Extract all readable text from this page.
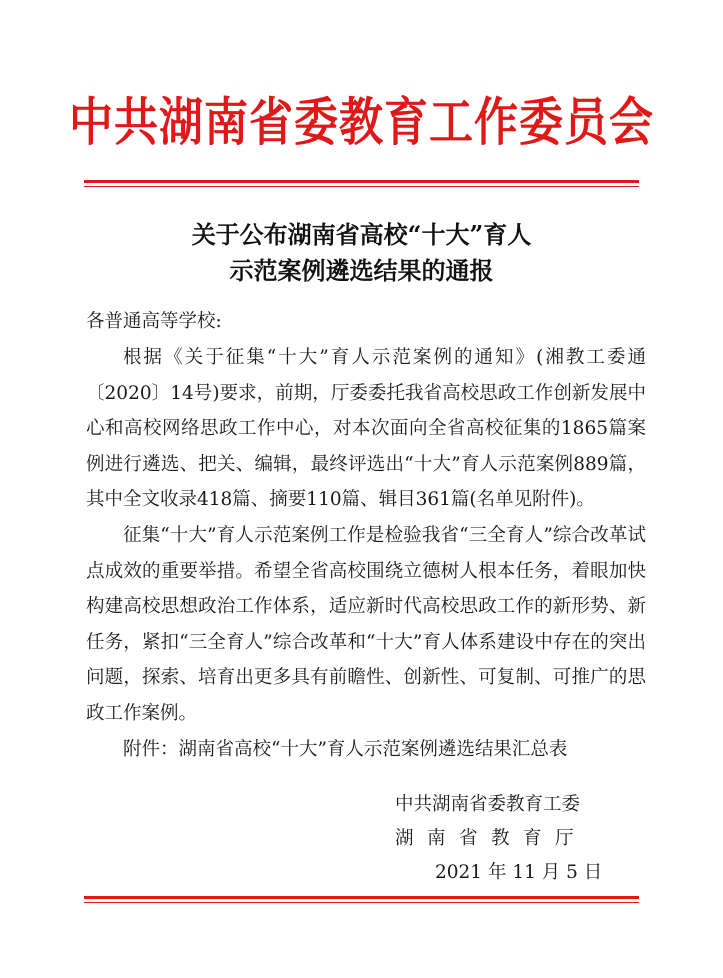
中共湖南省委教育工作委员会
关于公布湖南省高校“十大”育人
示范案例遴选结果的通报
各普通高等学校:

根据《关于征集“十大”育人示范案例的通知》(湘教工委通〔2020〕14号)要求，前期，厅委委托我省高校思政工作创新发展中心和高校网络思政工作中心，对本次面向全省高校征集的1865篇案例进行遴选、把关、编辑，最终评选出“十大”育人示范案例889篇，其中全文收录418篇、摘要110篇、辑目361篇(名单见附件)。

征集“十大”育人示范案例工作是检验我省“三全育人”综合改革试点成效的重要举措。希望全省高校围绕立德树人根本任务，着眼加快构建高校思想政治工作体系，适应新时代高校思政工作的新形势、新任务，紧扣“三全育人”综合改革和“十大”育人体系建设中存在的突出问题，探索、培育出更多具有前瞻性、创新性、可复制、可推广的思政工作案例。

附件：湖南省高校“十大”育人示范案例遴选结果汇总表
中共湖南省委教育工委
湖南省教育厅
2021 年 11 月 5 日
